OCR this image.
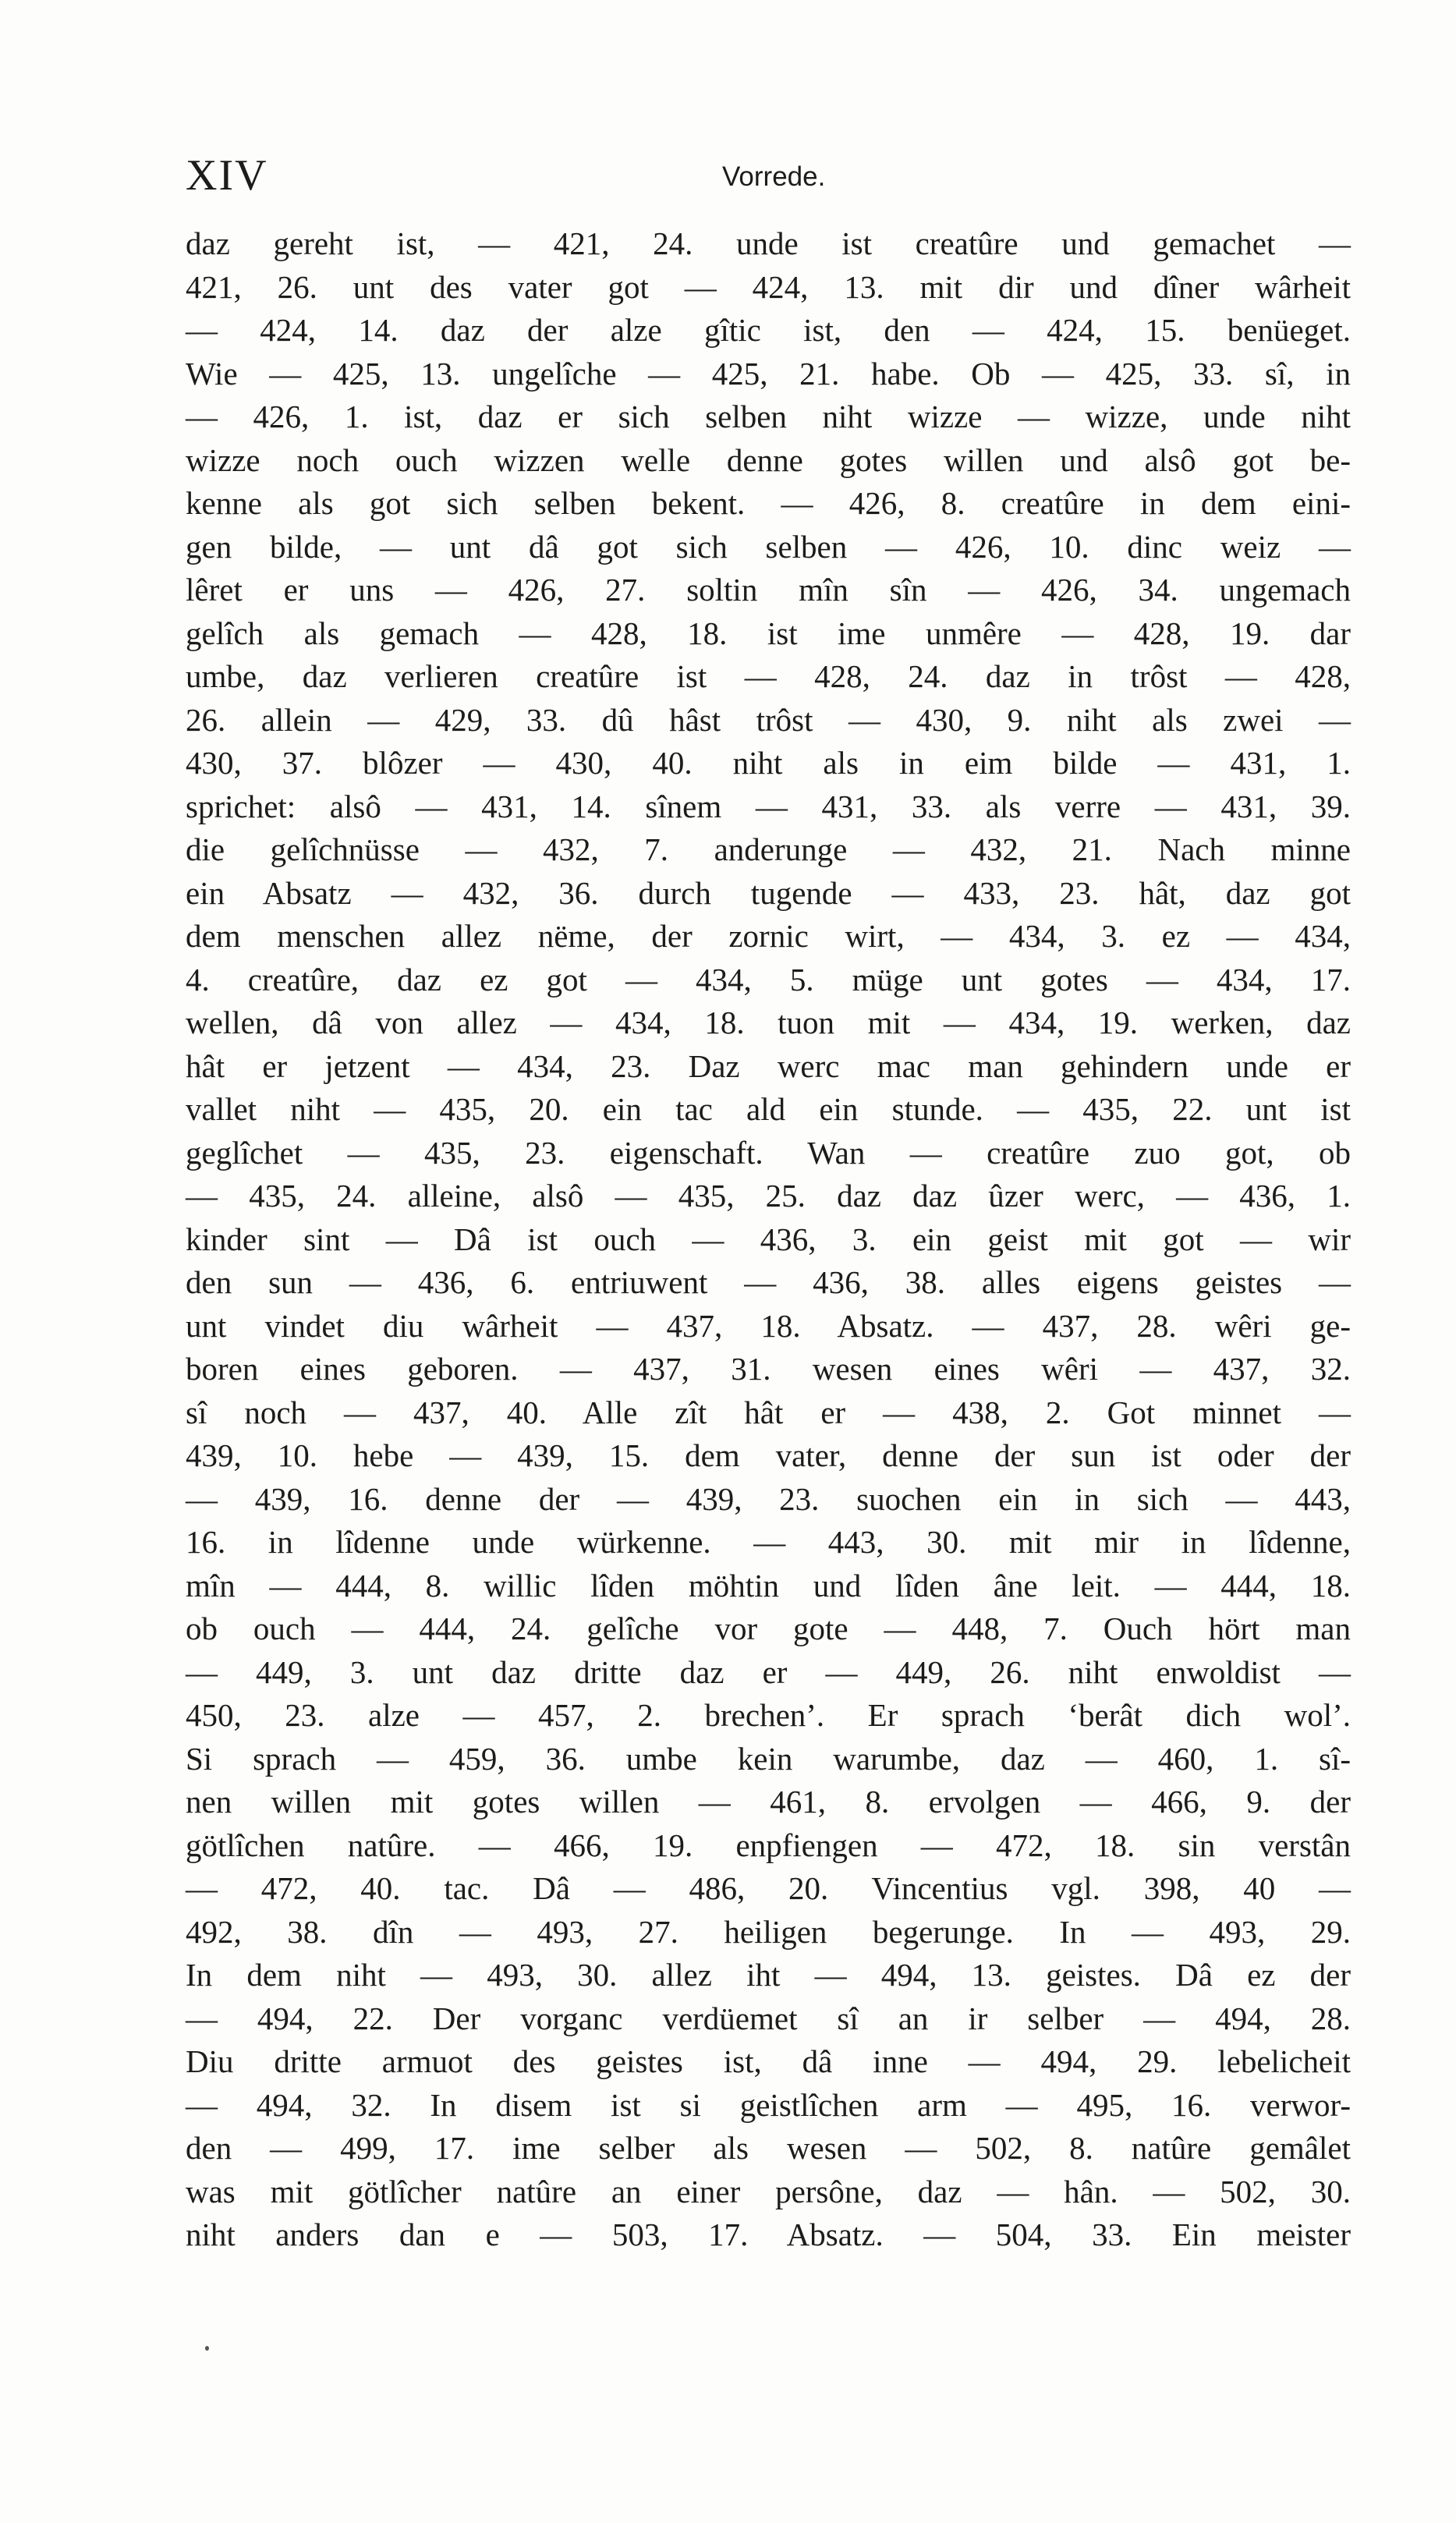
XIV	Vorrede.
daz gereht ist, — 421, 24. unde ist creatûre und gemachet —
421, 26. unt des vater got — 424, 13. mit dir und dîner wârheit
— 424, 14. daz der alze gîtic ist, den — 424, 15. benüeget.
Wie — 425, 13. ungelîche — 425, 21. habe. Ob — 425, 33. sî, in
— 426, 1. ist, daz er sich selben niht wizze — wizze, unde niht
wizze noch ouch wizzen welle denne gotes willen und alsô got be-
kenne als got sich selben bekent. — 426, 8. creatûre in dem eini-
gen bilde, — unt dâ got sich selben — 426, 10. dinc weiz —
lêret er uns — 426, 27. soltin mîn sîn — 426, 34. ungemach
gelîch als gemach — 428, 18. ist ime unmêre — 428, 19. dar
umbe, daz verlieren creatûre ist — 428, 24. daz in trôst — 428,
26. allein — 429, 33. dû hâst trôst — 430, 9. niht als zwei —
430, 37. blôzer — 430, 40. niht als in eim bilde — 431, 1.
sprichet: alsô — 431, 14. sînem — 431, 33. als verre — 431, 39.
die gelîchnüsse — 432, 7. anderunge — 432, 21. Nach minne
ein Absatz — 432, 36. durch tugende — 433, 23. hât, daz got
dem menschen allez nëme, der zornic wirt, — 434, 3. ez — 434,
4. creatûre, daz ez got — 434, 5. müge unt gotes — 434, 17.
wellen, dâ von allez — 434, 18. tuon mit — 434, 19. werken, daz
hât er jetzent — 434, 23. Daz werc mac man gehindern unde er
vallet niht — 435, 20. ein tac ald ein stunde. — 435, 22. unt ist
geglîchet — 435, 23. eigenschaft. Wan — creatûre zuo got, ob
— 435, 24. alleine, alsô — 435, 25. daz daz ûzer werc, — 436, 1.
kinder sint — Dâ ist ouch — 436, 3. ein geist mit got — wir
den sun — 436, 6. entriuwent — 436, 38. alles eigens geistes —
unt vindet diu wârheit — 437, 18. Absatz. — 437, 28. wêri ge-
boren eines geboren. — 437, 31. wesen eines wêri — 437, 32.
sî noch — 437, 40. Alle zît hât er — 438, 2. Got minnet —
439, 10. hebe — 439, 15. dem vater, denne der sun ist oder der
— 439, 16. denne der — 439, 23. suochen ein in sich — 443,
16. in lîdenne unde würkenne. — 443, 30. mit mir in lîdenne,
mîn — 444, 8. willic lîden möhtin und lîden âne leit. — 444, 18.
ob ouch — 444, 24. gelîche vor gote — 448, 7. Ouch hört man
— 449, 3. unt daz dritte daz er — 449, 26. niht enwoldist —
450, 23. alze — 457, 2. brechen’. Er sprach ‘berât dich wol’.
Si sprach — 459, 36. umbe kein warumbe, daz — 460, 1. sî-
nen willen mit gotes willen — 461, 8. ervolgen — 466, 9. der
götlîchen natûre. — 466, 19. enpfiengen — 472, 18. sin verstân
— 472, 40. tac. Dâ — 486, 20. Vincentius vgl. 398, 40 —
492, 38. dîn — 493, 27. heiligen begerunge. In — 493, 29.
In dem niht — 493, 30. allez iht — 494, 13. geistes. Dâ ez der
— 494, 22. Der vorganc verdüemet sî an ir selber — 494, 28.
Diu dritte armuot des geistes ist, dâ inne — 494, 29. lebelicheit
— 494, 32. In disem ist si geistlîchen arm — 495, 16. verwor-
den — 499, 17. ime selber als wesen — 502, 8. natûre gemâlet
was mit götlîcher natûre an einer persône, daz — hân. — 502, 30.
niht anders dan e — 503, 17. Absatz. — 504, 33. Ein meister
